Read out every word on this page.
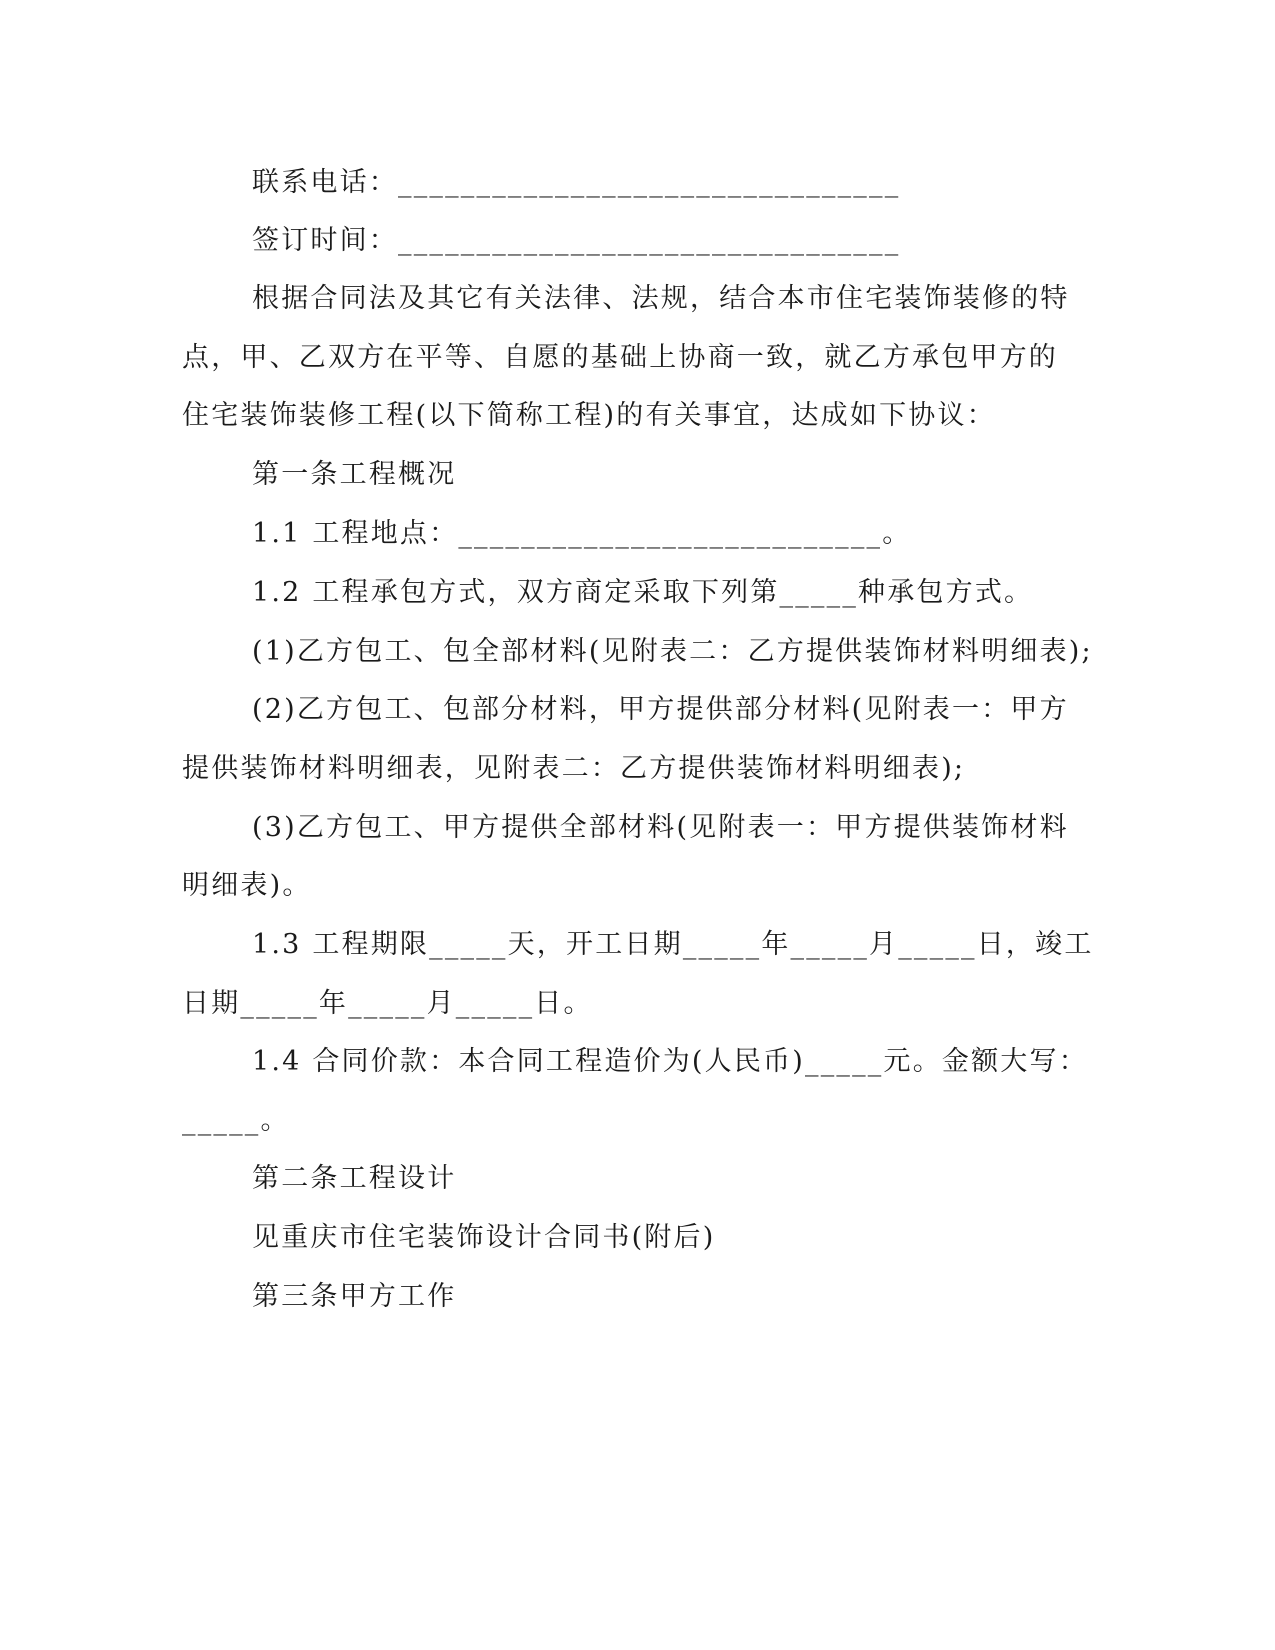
联系电话：________________________________
签订时间：________________________________
根据合同法及其它有关法律、法规，结合本市住宅装饰装修的特
点，甲、乙双方在平等、自愿的基础上协商一致，就乙方承包甲方的
住宅装饰装修工程(以下简称工程)的有关事宜，达成如下协议：
第一条工程概况
1.1 工程地点：___________________________。
1.2 工程承包方式，双方商定采取下列第_____种承包方式。
(1)乙方包工、包全部材料(见附表二：乙方提供装饰材料明细表);
(2)乙方包工、包部分材料，甲方提供部分材料(见附表一：甲方
提供装饰材料明细表，见附表二：乙方提供装饰材料明细表);
(3)乙方包工、甲方提供全部材料(见附表一：甲方提供装饰材料
明细表)。
1.3 工程期限_____天，开工日期_____年_____月_____日，竣工
日期_____年_____月_____日。
1.4 合同价款：本合同工程造价为(人民币)_____元。金额大写：
_____。
第二条工程设计
见重庆市住宅装饰设计合同书(附后)
第三条甲方工作
